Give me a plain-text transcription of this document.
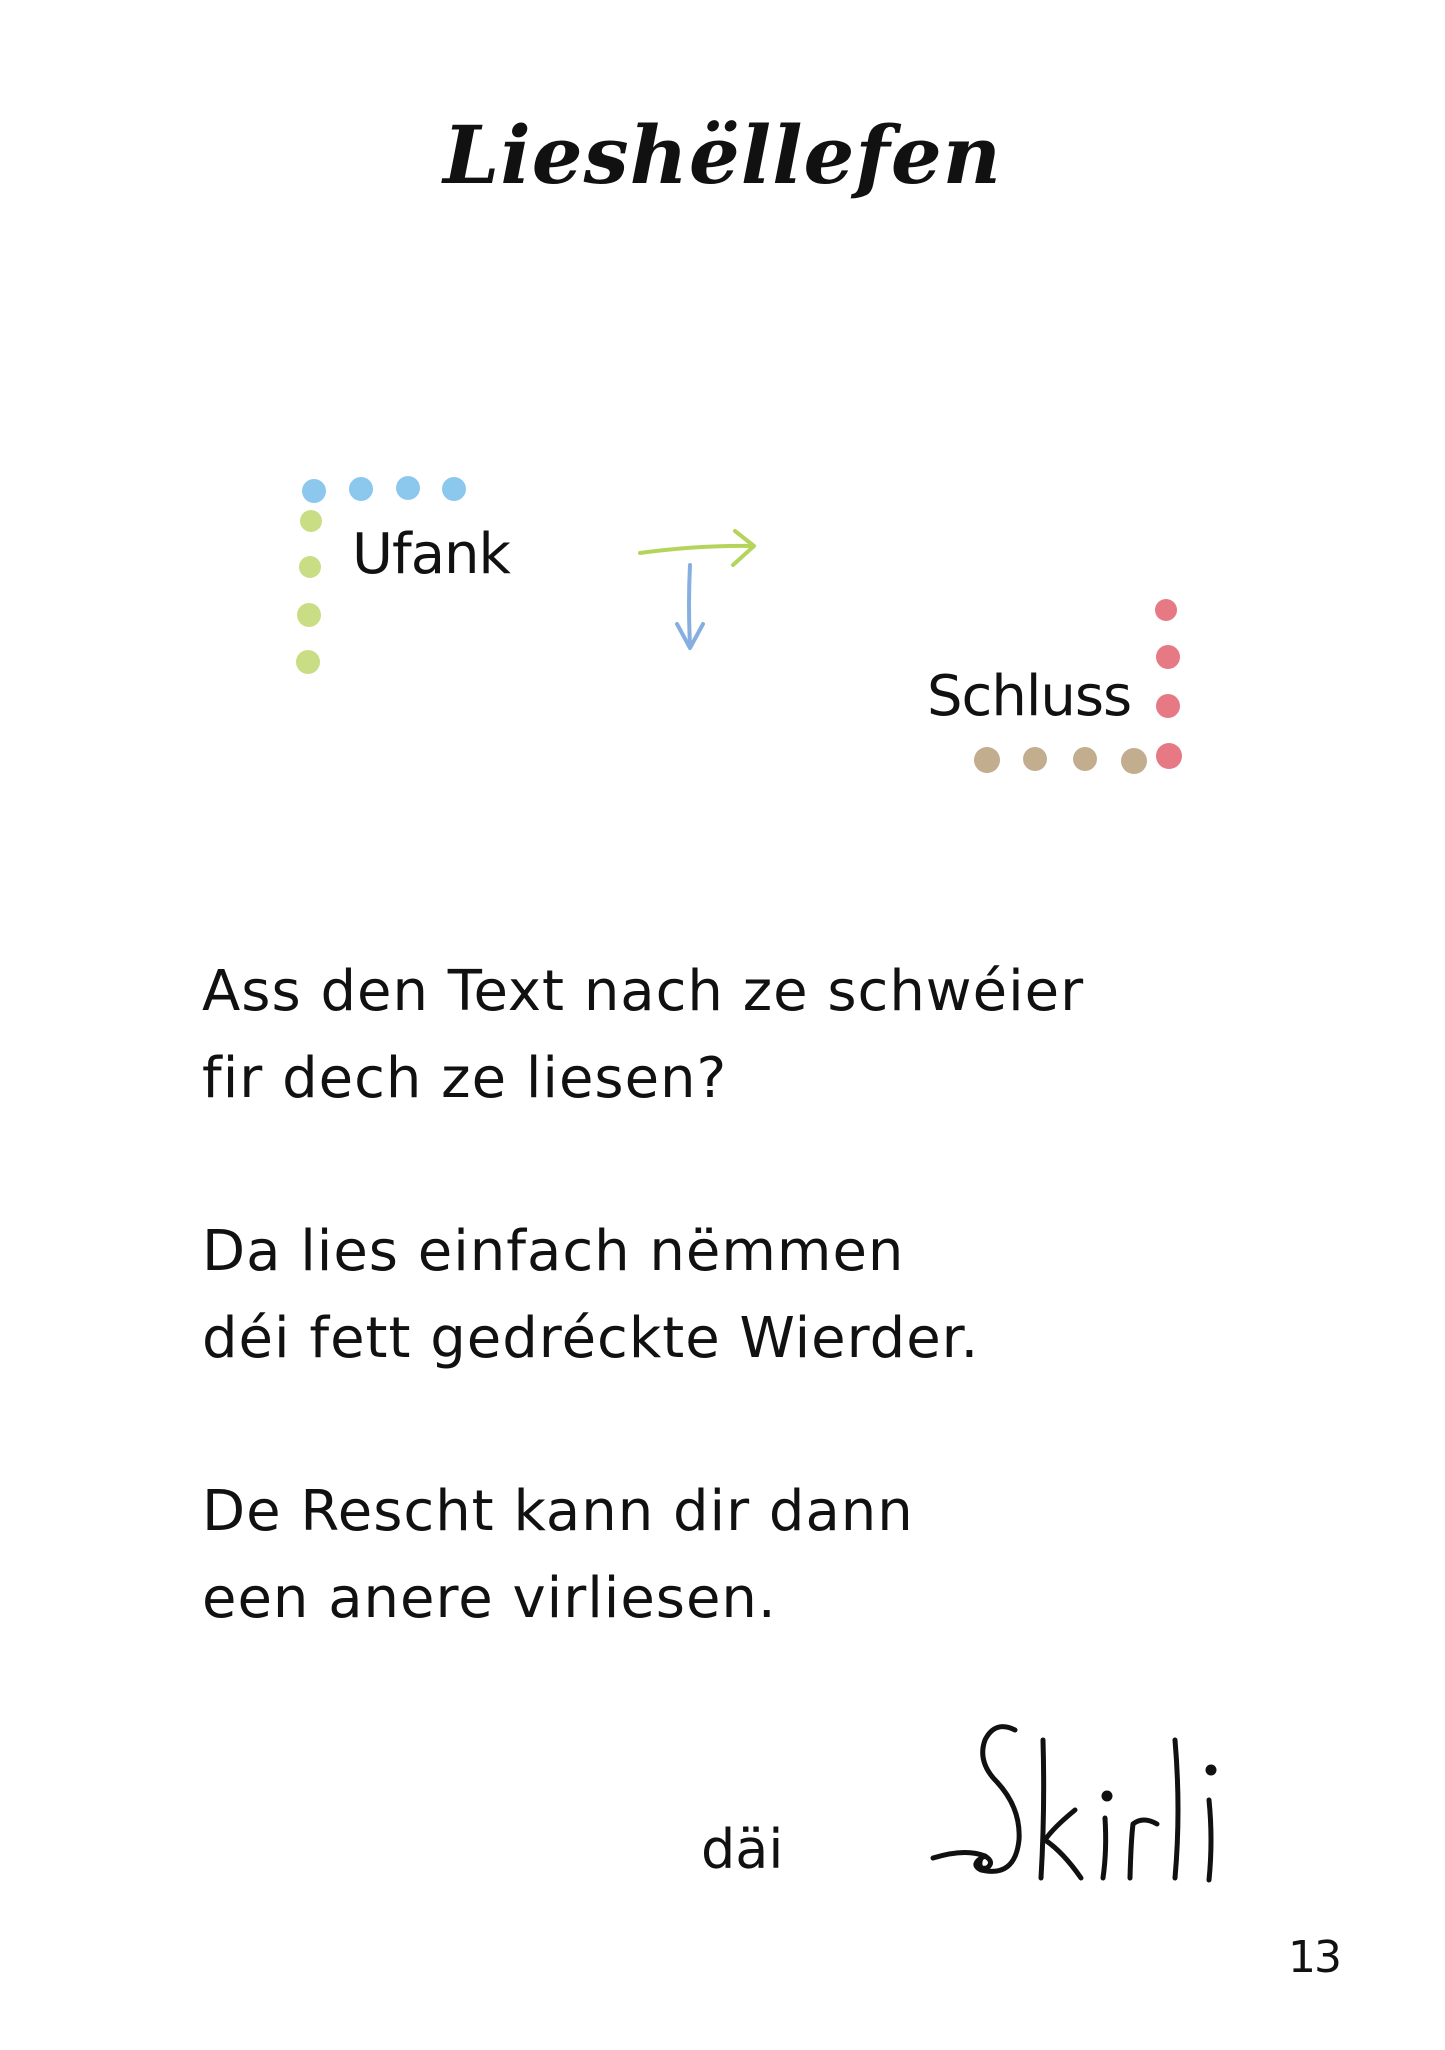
Lieshëllefen
Ufank
Schluss
Ass den Text nach ze schwéier
fir dech ze liesen?
Da lies einfach nëmmen
déi fett gedréckte Wierder.
De Rescht kann dir dann
een anere virliesen.
däi
13
